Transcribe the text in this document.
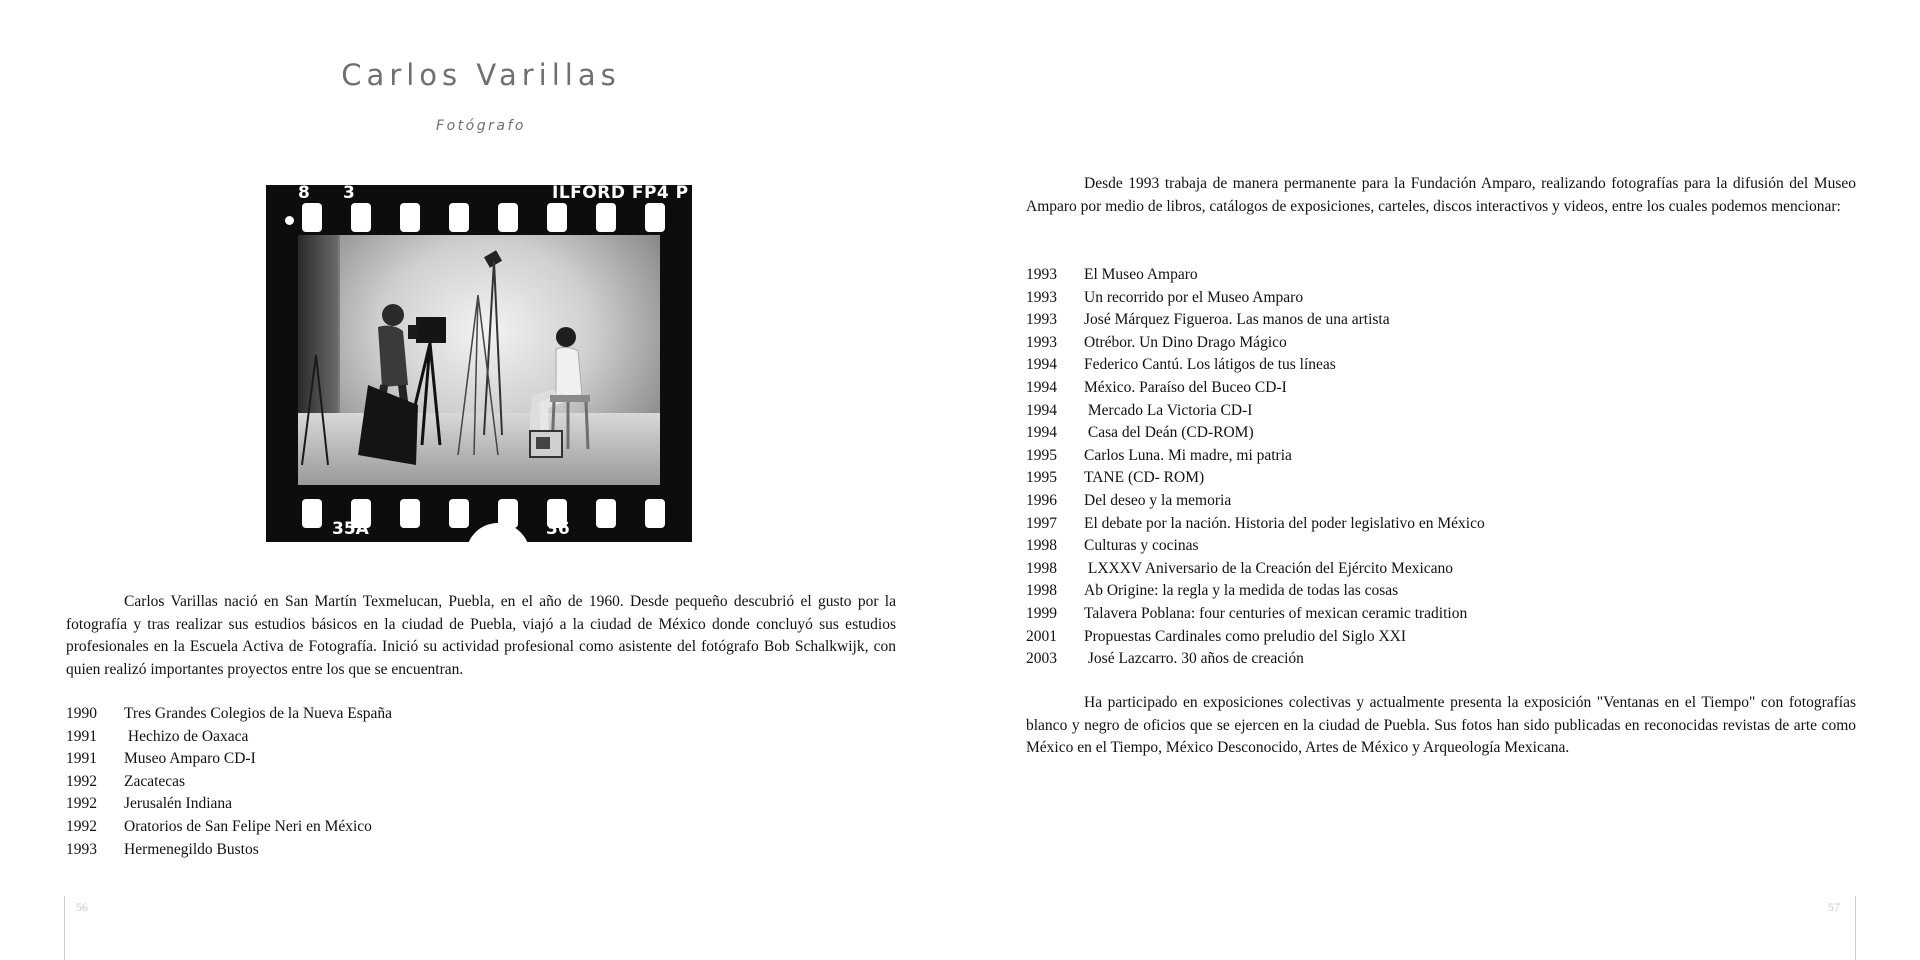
Carlos Varillas
Fotógrafo
8 3	ILFORD FP4 P
35A	36

Carlos Varillas nació en San Martín Texmelucan, Puebla, en el año de 1960. Desde pequeño descubrió el gusto por la fotografía y tras realizar sus estudios básicos en la ciudad de Puebla, viajó a la ciudad de México donde concluyó sus estudios profesionales en la Escuela Activa de Fotografía. Inició su actividad profesional como asistente del fotógrafo Bob Schalkwijk, con quien realizó importantes proyectos entre los que se encuentran.

1990 Tres Grandes Colegios de la Nueva España
1991 Hechizo de Oaxaca
1991 Museo Amparo CD-I
1992 Zacatecas
1992 Jerusalén Indiana
1992 Oratorios de San Felipe Neri en México
1993 Hermenegildo Bustos
56

Desde 1993 trabaja de manera permanente para la Fundación Amparo, realizando fotografías para la difusión del Museo Amparo por medio de libros, catálogos de exposiciones, carteles, discos interactivos y videos, entre los cuales podemos mencionar:

1993 El Museo Amparo
1993 Un recorrido por el Museo Amparo
1993 José Márquez Figueroa. Las manos de una artista
1993 Otrébor. Un Dino Drago Mágico
1994 Federico Cantú. Los látigos de tus líneas
1994 México. Paraíso del Buceo CD-I
1994 Mercado La Victoria CD-I
1994 Casa del Deán (CD-ROM)
1995 Carlos Luna. Mi madre, mi patria
1995 TANE (CD- ROM)
1996 Del deseo y la memoria
1997 El debate por la nación. Historia del poder legislativo en México
1998 Culturas y cocinas
1998 LXXXV Aniversario de la Creación del Ejército Mexicano
1998 Ab Origine: la regla y la medida de todas las cosas
1999 Talavera Poblana: four centuries of mexican ceramic tradition
2001 Propuestas Cardinales como preludio del Siglo XXI
2003 José Lazcarro. 30 años de creación

Ha participado en exposiciones colectivas y actualmente presenta la exposición "Ventanas en el Tiempo" con fotografías blanco y negro de oficios que se ejercen en la ciudad de Puebla. Sus fotos han sido publicadas en reconocidas revistas de arte como México en el Tiempo, México Desconocido, Artes de México y Arqueología Mexicana.

57
